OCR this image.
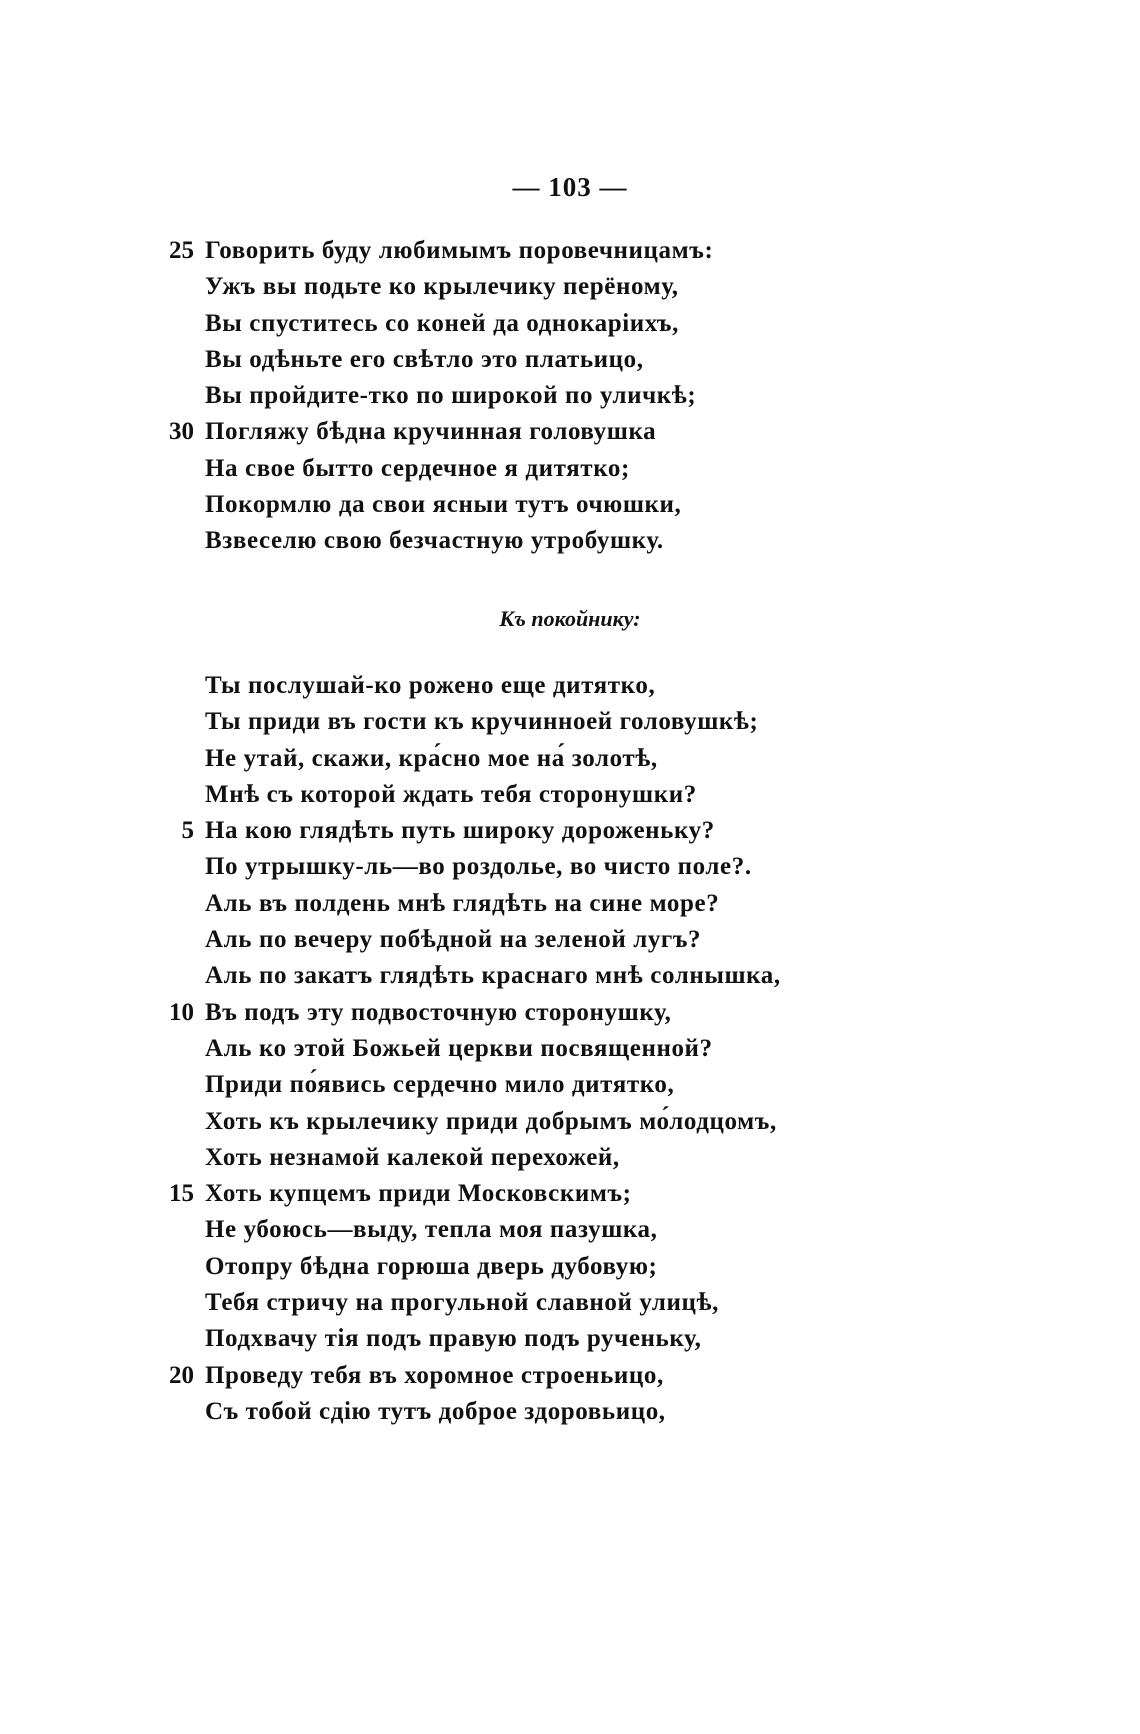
— 103 —
25 Говорить буду любимымъ поровечницамъ:
Ужъ вы подьте ко крылечику перёному,
Вы спуститесь со коней да однокаріихъ,
Вы одѣньте его свѣтло это платьицо,
Вы пройдите-тко по широкой по уличкѣ;
30 Погляжу бѣдна кручинная головушка
На свое бытто сердечное я дитятко;
Покормлю да свои ясныи тутъ очюшки,
Взвеселю свою безчастную утробушку.
Къ покойнику:
Ты послушай-ко рожено еще дитятко,
Ты приди въ гости къ кручинноей головушкѣ;
Не утай, скажи, кра́сно мое на́ золотѣ,
Мнѣ съ которой ждать тебя сторонушки?
5 На кою глядѣть путь широку дороженьку?
По утрышку-ль—во роздолье, во чисто поле?.
Аль въ полдень мнѣ глядѣть на сине море?
Аль по вечеру побѣдной на зеленой лугъ?
Аль по закатъ глядѣть краснаго мнѣ солнышка,
10 Въ подъ эту подвосточную сторонушку,
Аль ко этой Божьей церкви посвященной?
Приди по́явись сердечно мило дитятко,
Хоть къ крылечику приди добрымъ мо́лодцомъ,
Хоть незнамой калекой перехожей,
15 Хоть купцемъ приди Московскимъ;
Не убоюсь—выду, тепла моя пазушка,
Отопру бѣдна горюша дверь дубовую;
Тебя стричу на прогульной славной улицѣ,
Подхвачу тія подъ правую подъ рученьку,
20 Проведу тебя въ хоромное строеньицо,
Съ тобой сдію тутъ доброе здоровьицо,
